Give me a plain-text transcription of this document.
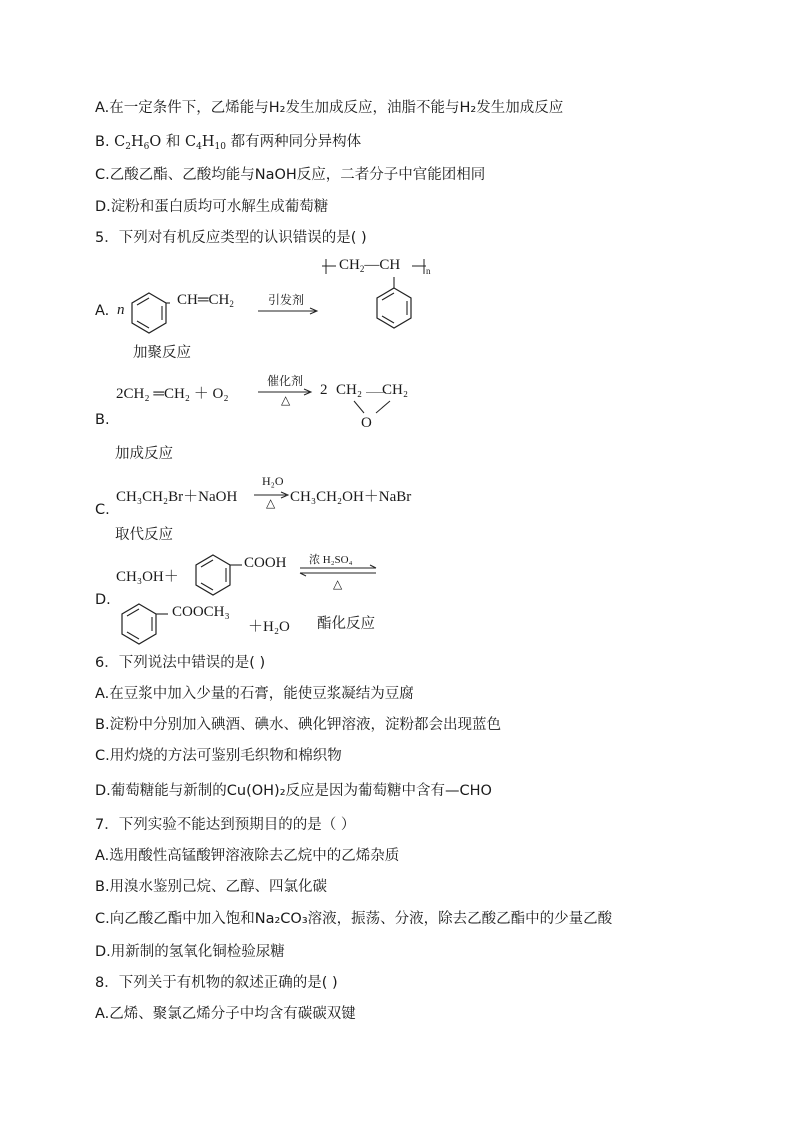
A.在一定条件下，乙烯能与H₂发生加成反应，油脂不能与H₂发生加成反应
B. $C_2H_6O$ 和 $C_4H_{10}$ 都有两种同分异构体
C.乙酸乙酯、乙酸均能与NaOH反应，二者分子中官能团相同
D.淀粉和蛋白质均可水解生成葡萄糖
5．下列对有机反应类型的认识错误的是( )
A. n
$CH═CH_2$	引发剂
$CH_2—CH$	n
加聚反应
2CH₂ ═CH₂ ＋ O₂
催化剂
△
2 CH₂ CH₂
O
B.
加成反应
CH₃CH₂Br＋NaOH
H₂O
△ CH₃CH₂OH＋NaBr
C.
取代反应
CH₃OH＋
COOH 浓 H₂SO₄
△
D.
COOCH₃
＋H₂O 酯化反应
6．下列说法中错误的是( )
A.在豆浆中加入少量的石膏，能使豆浆凝结为豆腐
B.淀粉中分别加入碘酒、碘水、碘化钾溶液，淀粉都会出现蓝色
C.用灼烧的方法可鉴别毛织物和棉织物
D.葡萄糖能与新制的Cu(OH)₂反应是因为葡萄糖中含有—CHO
7．下列实验不能达到预期目的的是（ ）
A.选用酸性高锰酸钾溶液除去乙烷中的乙烯杂质
B.用溴水鉴别己烷、乙醇、四氯化碳
C.向乙酸乙酯中加入饱和Na₂CO₃溶液，振荡、分液，除去乙酸乙酯中的少量乙酸
D.用新制的氢氧化铜检验尿糖
8．下列关于有机物的叙述正确的是( )
A.乙烯、聚氯乙烯分子中均含有碳碳双键
